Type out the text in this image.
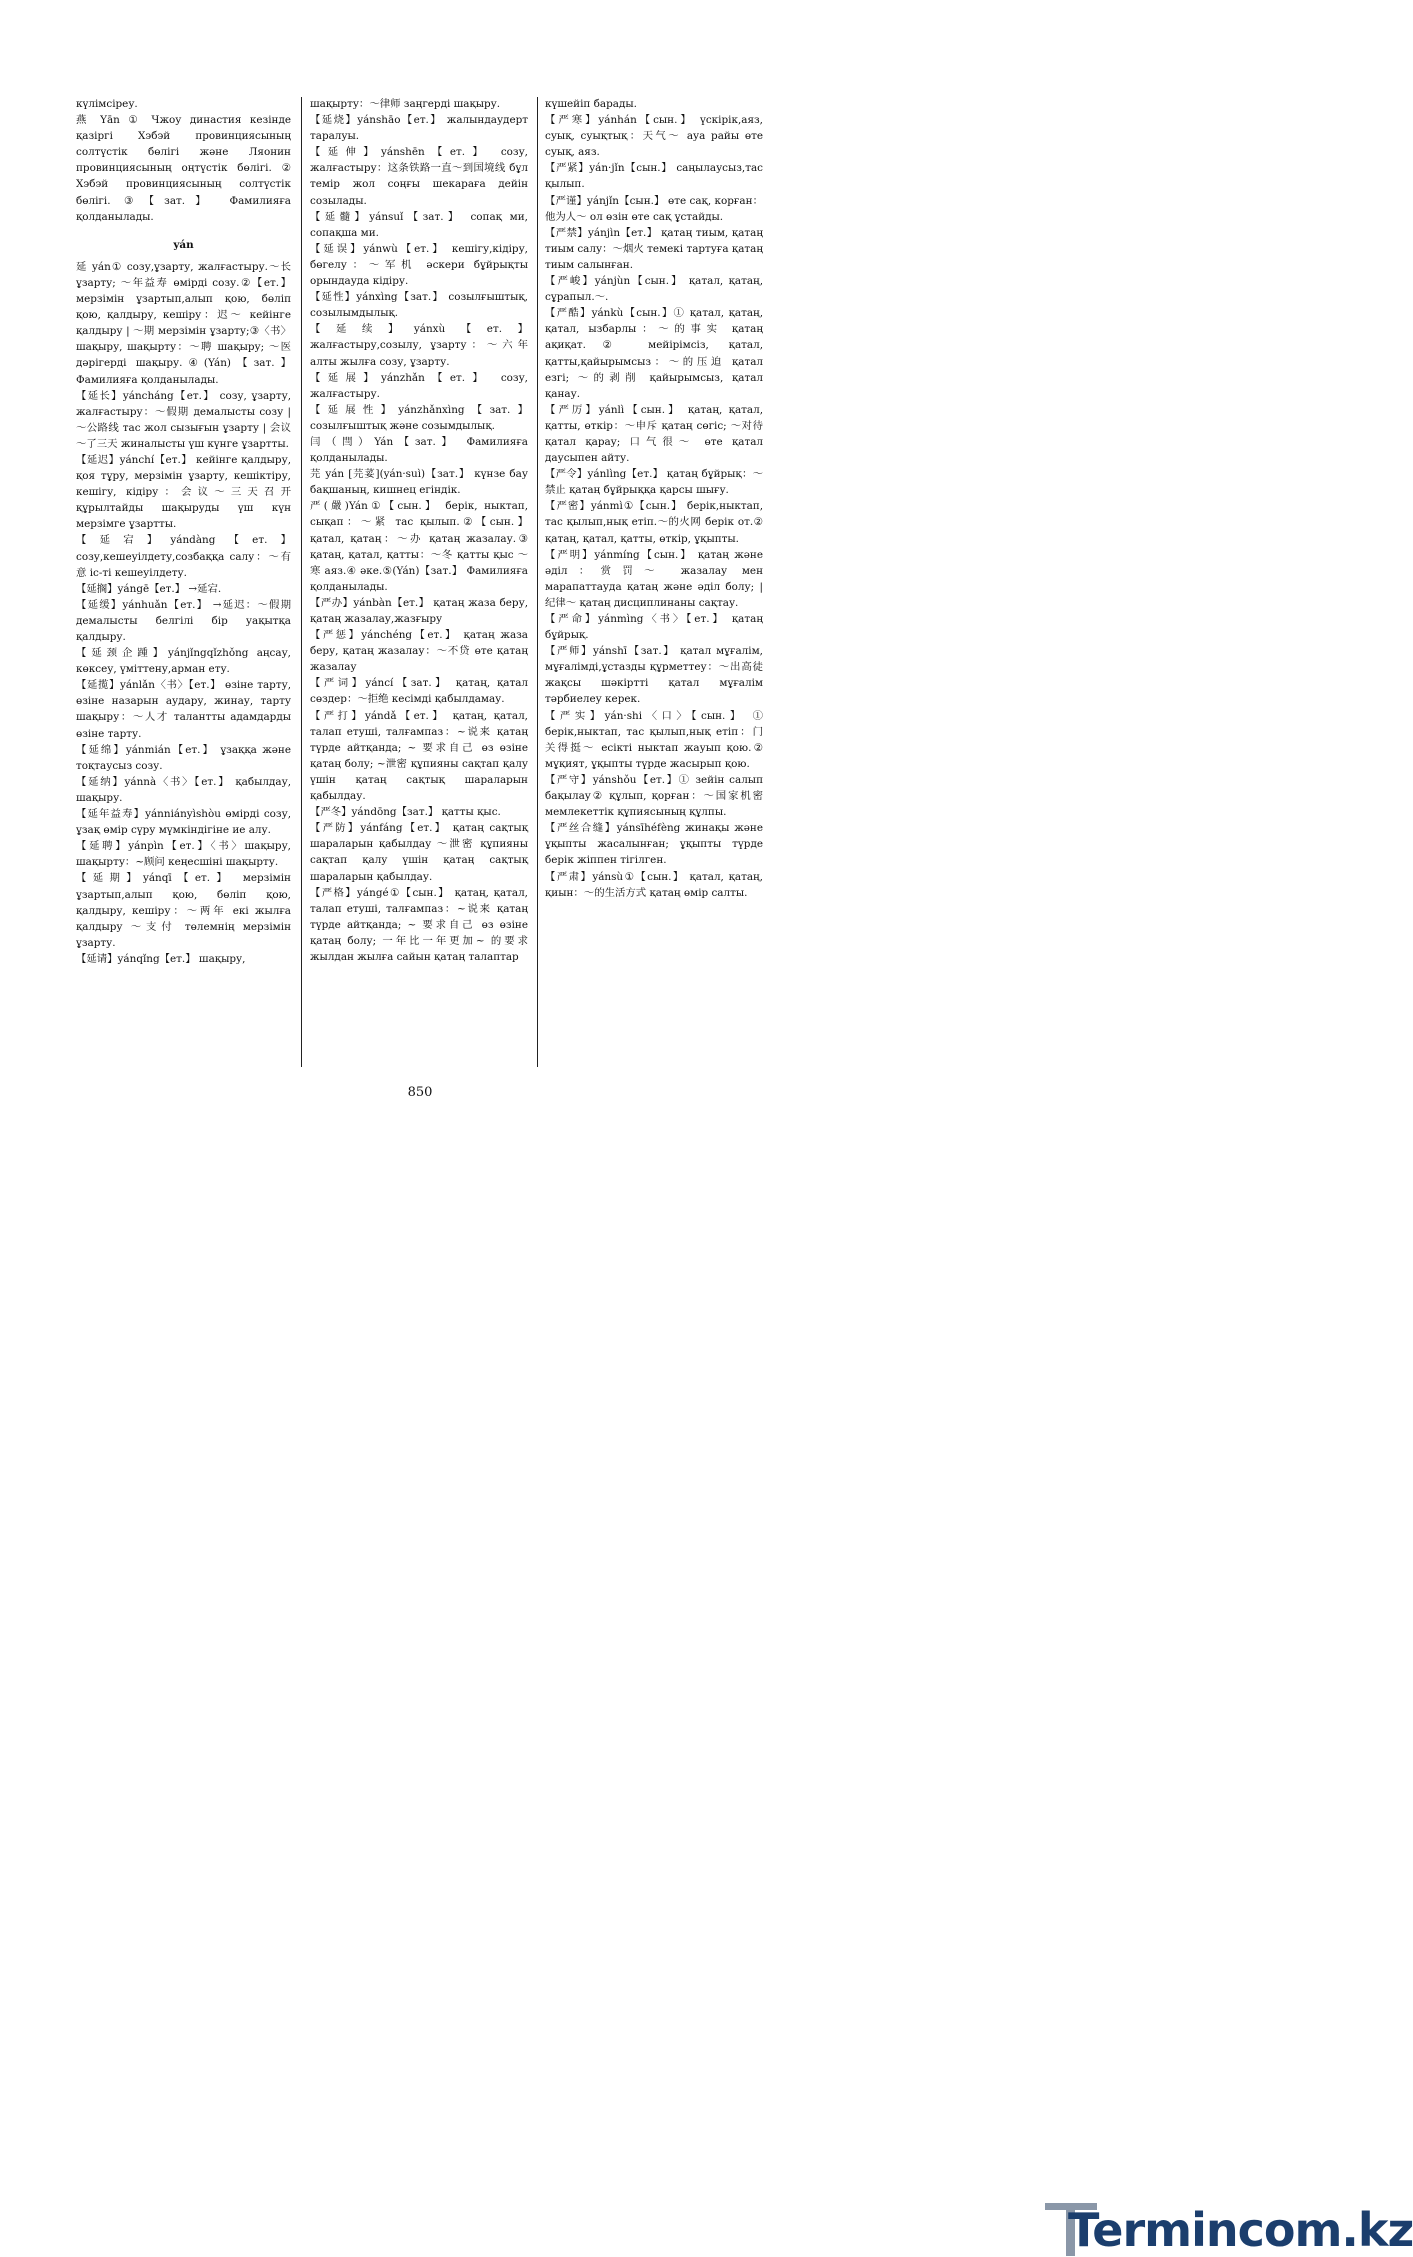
күлімсіреу.

燕 Yān ① Чжоу династия кезінде қазіргі Хэбэй провинциясының солтүстік бөлігі және Ляонин провинциясының оңтүстік бөлігі. ② Хэбэй провинциясының солтүстік бөлігі. ③【зат.】 Фамилияға қолданылады.

yán

延 yán① созу,ұзарту, жалғастыру.～长 ұзарту; ～年益寿 өмірді созу.②【ет.】 мерзімін ұзартып,алып қою, бөліп қою, қалдыру, кешіру：迟～ кейінге қалдыру | ～期 мерзімін ұзарту;③〈书〉шақыру, шақырту：～聘 шақыру; ～医 дәрігерді шақыру.④(Yán)【зат.】 Фамилияға қолданылады.

【延长】yáncháng【ет.】 созу, ұзарту, жалғастыру：～假期 демалысты созу | ～公路线 тас жол сызығын ұзарту | 会议～了三天 жиналысты үш күнге ұзартты.

【延迟】yánchí【ет.】 кейінге қалдыру, қоя тұру, мерзімін ұзарту, кешіктіру, кешігу, кідіру：会议～三天召开 құрылтайды шақыруды үш күн мерзімге ұзартты.

【延宕】yándàng【ет.】 созу,кешеуілдету,созбаққа салу：～有意 іс-ті кешеуілдету.

【延搁】yángē【ет.】 →延宕.

【延缓】yánhuǎn【ет.】 →延迟：～假期 демалысты белгілі бір уақытқа қалдыру.

【延颈企踵】yánjǐngqǐzhǒng аңсау, көксеу, үміттену,арман ету.

【延揽】yánlǎn〈书〉【ет.】 өзіне тарту, өзіне назарын аудару, жинау, тарту шақыру：～人才 талантты адамдарды өзіне тарту.

【延绵】yánmián【ет.】 ұзаққа және тоқтаусыз созу.

【延纳】yánnà〈书〉【ет.】 қабылдау, шақыру.

【延年益寿】yánniányìshòu өмірді созу, ұзақ өмір сүру мүмкіндігіне ие алу.

【延聘】yánpìn【ет.】〈书〉шақыру, шақырту：~顾问 кеңесшіні шақырту.

【延期】yánqī【ет.】 мерзімін ұзартып,алып қою, бөліп қою, қалдыру, кешіру：～两年 екі жылға қалдыру ～支付 төлемнің мерзімін ұзарту.

【延请】yánqǐng【ет.】 шақыру,

шақырту：～律师 заңгерді шақыру.

【延烧】yánshāo【ет.】 жалындаудерт таралуы.

【延伸】yánshēn【ет.】 созу, жалғастыру：这条铁路一直～到国境线 бұл темір жол соңғы шекараға дейін созылады.

【延髓】yánsuǐ【зат.】 сопақ ми, сопақша ми.

【延误】yánwù【ет.】 кешігу,кідіру, бөгелу：～军机 әскери бұйрықты орындауда кідіру.

【延性】yánxìng【зат.】 созылғыштық, созылымдылық.

【延续】yánxù【ет.】 жалғастыру,созылу, ұзарту：～六年 алты жылға созу, ұзарту.

【延展】yánzhǎn【ет.】 созу, жалғастыру.

【延展性】yánzhǎnxìng【зат.】 созылғыштық және созымдылық.

闫（閆）Yán【зат.】 Фамилияға қолданылады.

芫 yán [芫荽](yán·suì)【зат.】 күнзе бау бақшаның, кишнец егіндік.

严(嚴)Yán①【сын.】 берік, ныктап, сықап：～紧 тас қылып.②【сын.】 қатал, қатаң：～办 қатаң жазалау.③ қатаң, қатал, қатты：～冬 қатты қыс ～寒 аяз.④ әке.⑤(Yán)【зат.】 Фамилияға қолданылады.

【严办】yánbàn【ет.】 қатаң жаза беру, қатаң жазалау,жазғыру

【严惩】yánchéng【ет.】 қатаң жаза беру, қатаң жазалау：～不贷 өте қатаң жазалау

【严词】yáncí【зат.】 қатаң, қатал сөздер：～拒绝 кесімді қабылдамау.

【严打】yándǎ【ет.】 қатаң, қатал, талап етуші, талғампаз：~说来 қатаң түрде айтқанда; ~ 要求自己 өз өзіне қатаң болу; ~泄密 құпияны сақтап қалу үшін қатаң сақтық шараларын қабылдау.

【严冬】yándōng【зат.】 қатты қыс.

【严防】yánfáng【ет.】 қатаң сақтық шараларын қабылдау ～泄密 құпияны сақтап қалу үшін қатаң сақтық шараларын қабылдау.

【严格】yángé①【сын.】 қатаң, қатал, талап етуші, талғампаз：~说来 қатаң түрде айтқанда; ~ 要求自己 өз өзіне қатаң болу; 一年比一年更加~ 的要求 жылдан жылға сайын қатаң талаптар

күшейіп барады.

【严寒】yánhán【сын.】 үскірік,аяз, суық, суықтық：天气～ ауа райы өте суық, аяз.

【严紧】yán·jǐn【сын.】 саңылаусыз,тас қылып.

【严谨】yánjǐn【сын.】 өте сақ, корған：他为人～ ол өзін өте сақ ұстайды.

【严禁】yánjìn【ет.】 қатаң тиым, қатаң тиым салу：～烟火 темекі тартуға қатаң тиым салынған.

【严峻】yánjùn【сын.】 қатал, қатаң, сұрапыл.～.

【严酷】yánkù【сын.】① қатал, қатаң, қатал, ызбарлы：～的事实 қатаң ақиқат.② мейірімсіз, қатал, қатты,қайырымсыз：～的压迫 қатал езгі; ～的剥削 қайырымсыз, қатал қанау.

【严厉】yánlì【сын.】 қатаң, қатал, қатты, өткір：～申斥 қатаң сөгіс; ～对待 қатал қарау; 口气很～ өте қатал даусыпен айту.

【严令】yánlìng【ет.】 қатаң бұйрық：～禁止 қатаң бұйрыққа қарсы шығу.

【严密】yánmì①【сын.】 берік,ныктап, тас қылып,нық етіп.～的火网 берік от.② қатаң, қатал, қатты, өткір, ұқыпты.

【严明】yánmíng【сын.】 қатаң және әділ：赏罚～ жазалау мен марапаттауда қатаң және әділ болу; | 纪律～ қатаң дисциплинаны сақтау.

【严命】yánmìng〈书〉【ет.】 қатаң бұйрық.

【严师】yánshī【зат.】 қатал мұғалім, мұғалімді,ұстазды құрметтеу：～出高徒 жақсы шәкіртті қатал мұғалім тәрбиелеу керек.

【严实】yán·shi〈口〉【сын.】 ① берік,ныктап, тас қылып,нық етіп：门关得挺～ есікті ныктап жауып қою.② мұқият, ұқыпты түрде жасырып қою.

【严守】yánshǒu【ет.】① зейін салып бақылау② құлып, қорған：～国家机密 мемлекеттік құпиясының құлпы.

【严丝合缝】yánsīhéfèng жинақы және ұқыпты жасалынған; ұқыпты түрде берік жіппен тігілген.

【严肃】yánsù①【сын.】 қатал, қатаң, қиын：～的生活方式 қатаң өмір салты.

850
Termincom.kz
